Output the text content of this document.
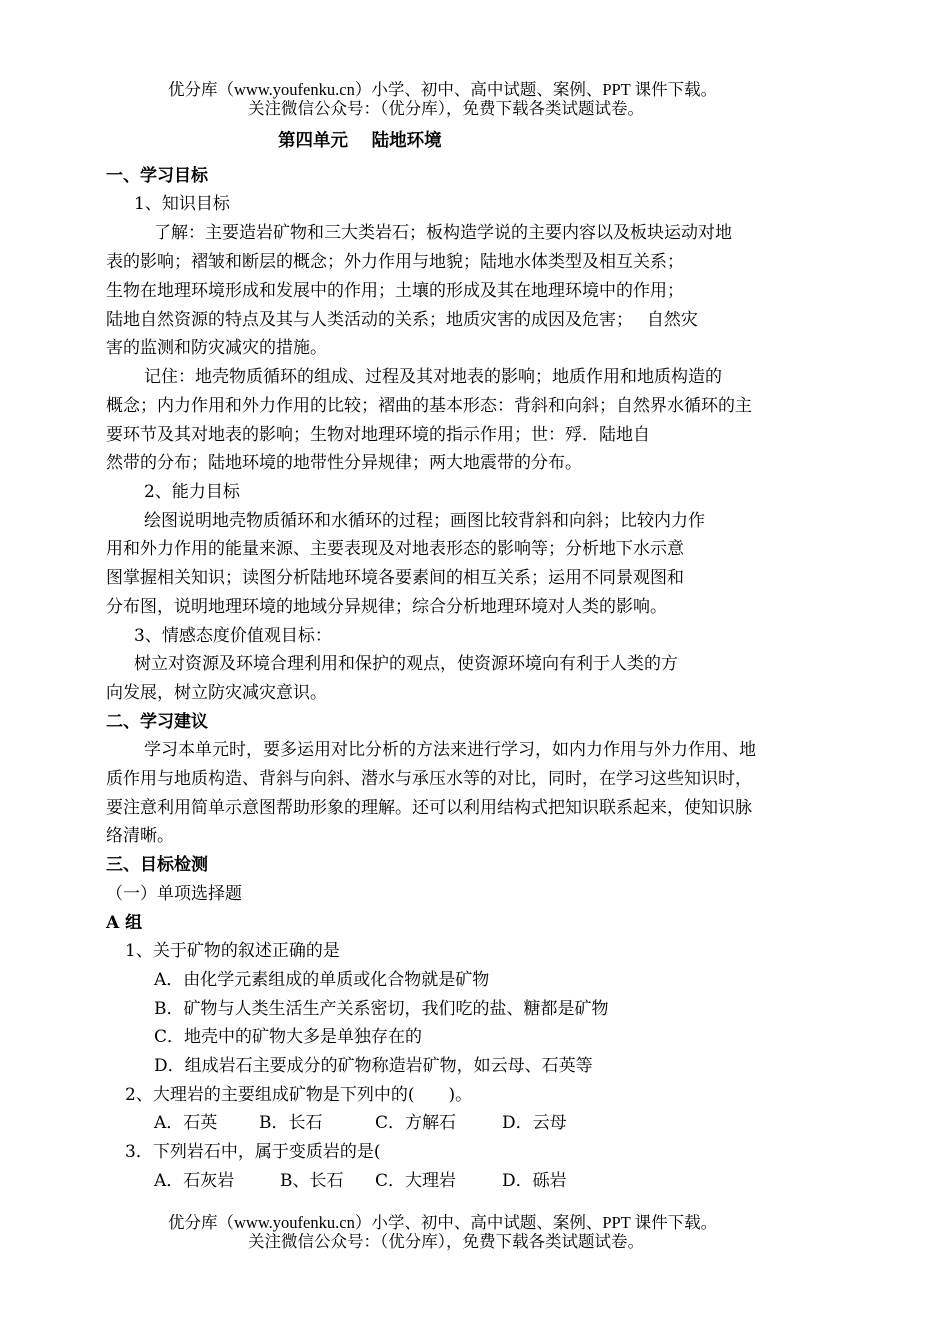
优分库（www.youfenku.cn）小学、初中、高中试题、案例、PPT 课件下载。
关注微信公众号：（优分库），免费下载各类试题试卷。
第四单元　 陆地环境
一、学习目标
1、知识目标
了解：主要造岩矿物和三大类岩石；板构造学说的主要内容以及板块运动对地
表的影响；褶皱和断层的概念；外力作用与地貌；陆地水体类型及相互关系；
生物在地理环境形成和发展中的作用；土壤的形成及其在地理环境中的作用；
陆地自然资源的特点及其与人类活动的关系；地质灾害的成因及危害；　 自然灾
害的监测和防灾减灾的措施。
记住：地壳物质循环的组成、过程及其对地表的影响；地质作用和地质构造的
概念；内力作用和外力作用的比较；褶曲的基本形态：背斜和向斜；自然界水循环的主
要环节及其对地表的影响；生物对地理环境的指示作用；世：殍．陆地自
然带的分布；陆地环境的地带性分异规律；两大地震带的分布。
2、能力目标
绘图说明地壳物质循环和水循环的过程；画图比较背斜和向斜；比较内力作
用和外力作用的能量来源、主要表现及对地表形态的影响等；分析地下水示意
图掌握相关知识；读图分析陆地环境各要素间的相互关系；运用不同景观图和
分布图，说明地理环境的地域分异规律；综合分析地理环境对人类的影响。
3、情感态度价值观目标：
树立对资源及环境合理利用和保护的观点，使资源环境向有利于人类的方
向发展，树立防灾减灾意识。
二、学习建议
学习本单元时，要多运用对比分析的方法来进行学习，如内力作用与外力作用、地
质作用与地质构造、背斜与向斜、潜水与承压水等的对比，同时，在学习这些知识时，
要注意利用简单示意图帮助形象的理解。还可以利用结构式把知识联系起来，使知识脉
络清晰。
三、目标检测
（一）单项选择题
A 组
1、关于矿物的叙述正确的是
A．由化学元素组成的单质或化合物就是矿物
B．矿物与人类生活生产关系密切，我们吃的盐、糖都是矿物
C．地壳中的矿物大多是单独存在的
D．组成岩石主要成分的矿物称造岩矿物，如云母、石英等
2、大理岩的主要组成矿物是下列中的(　　)。
A．石英 B．长石	C．方解石	D．云母
3．下列岩石中，属于变质岩的是(
A．石灰岩	B、长石 C．大理岩	D．砾岩
优分库（www.youfenku.cn）小学、初中、高中试题、案例、PPT 课件下载。
关注微信公众号：（优分库），免费下载各类试题试卷。
